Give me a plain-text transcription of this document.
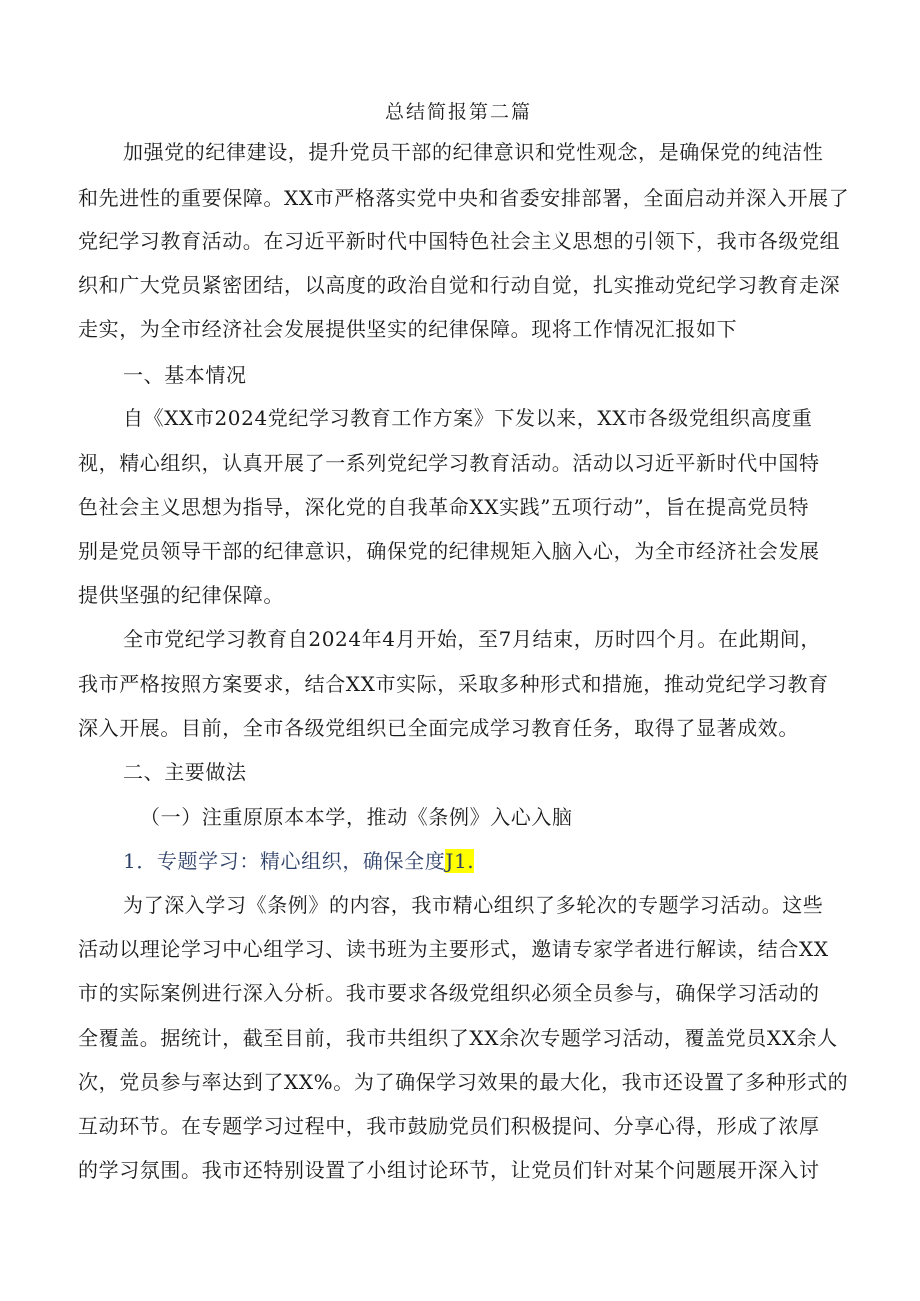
总结简报第二篇
加强党的纪律建设，提升党员干部的纪律意识和党性观念，是确保党的纯洁性
和先进性的重要保障。XX市严格落实党中央和省委安排部署，全面启动并深入开展了
党纪学习教育活动。在习近平新时代中国特色社会主义思想的引领下，我市各级党组
织和广大党员紧密团结，以高度的政治自觉和行动自觉，扎实推动党纪学习教育走深
走实，为全市经济社会发展提供坚实的纪律保障。现将工作情况汇报如下
一、基本情况
自《XX市2024党纪学习教育工作方案》下发以来，XX市各级党组织高度重
视，精心组织，认真开展了一系列党纪学习教育活动。活动以习近平新时代中国特
色社会主义思想为指导，深化党的自我革命XX实践”五项行动”，旨在提高党员特
别是党员领导干部的纪律意识，确保党的纪律规矩入脑入心，为全市经济社会发展
提供坚强的纪律保障。
全市党纪学习教育自2024年4月开始，至7月结束，历时四个月。在此期间，
我市严格按照方案要求，结合XX市实际，采取多种形式和措施，推动党纪学习教育
深入开展。目前，全市各级党组织已全面完成学习教育任务，取得了显著成效。
二、主要做法
（一）注重原原本本学，推动《条例》入心入脑
1．专题学习：精心组织，确保全度J1.
为了深入学习《条例》的内容，我市精心组织了多轮次的专题学习活动。这些
活动以理论学习中心组学习、读书班为主要形式，邀请专家学者进行解读，结合XX
市的实际案例进行深入分析。我市要求各级党组织必须全员参与，确保学习活动的
全覆盖。据统计，截至目前，我市共组织了XX余次专题学习活动，覆盖党员XX余人
次，党员参与率达到了XX%。为了确保学习效果的最大化，我市还设置了多种形式的
互动环节。在专题学习过程中，我市鼓励党员们积极提问、分享心得，形成了浓厚
的学习氛围。我市还特别设置了小组讨论环节，让党员们针对某个问题展开深入讨
